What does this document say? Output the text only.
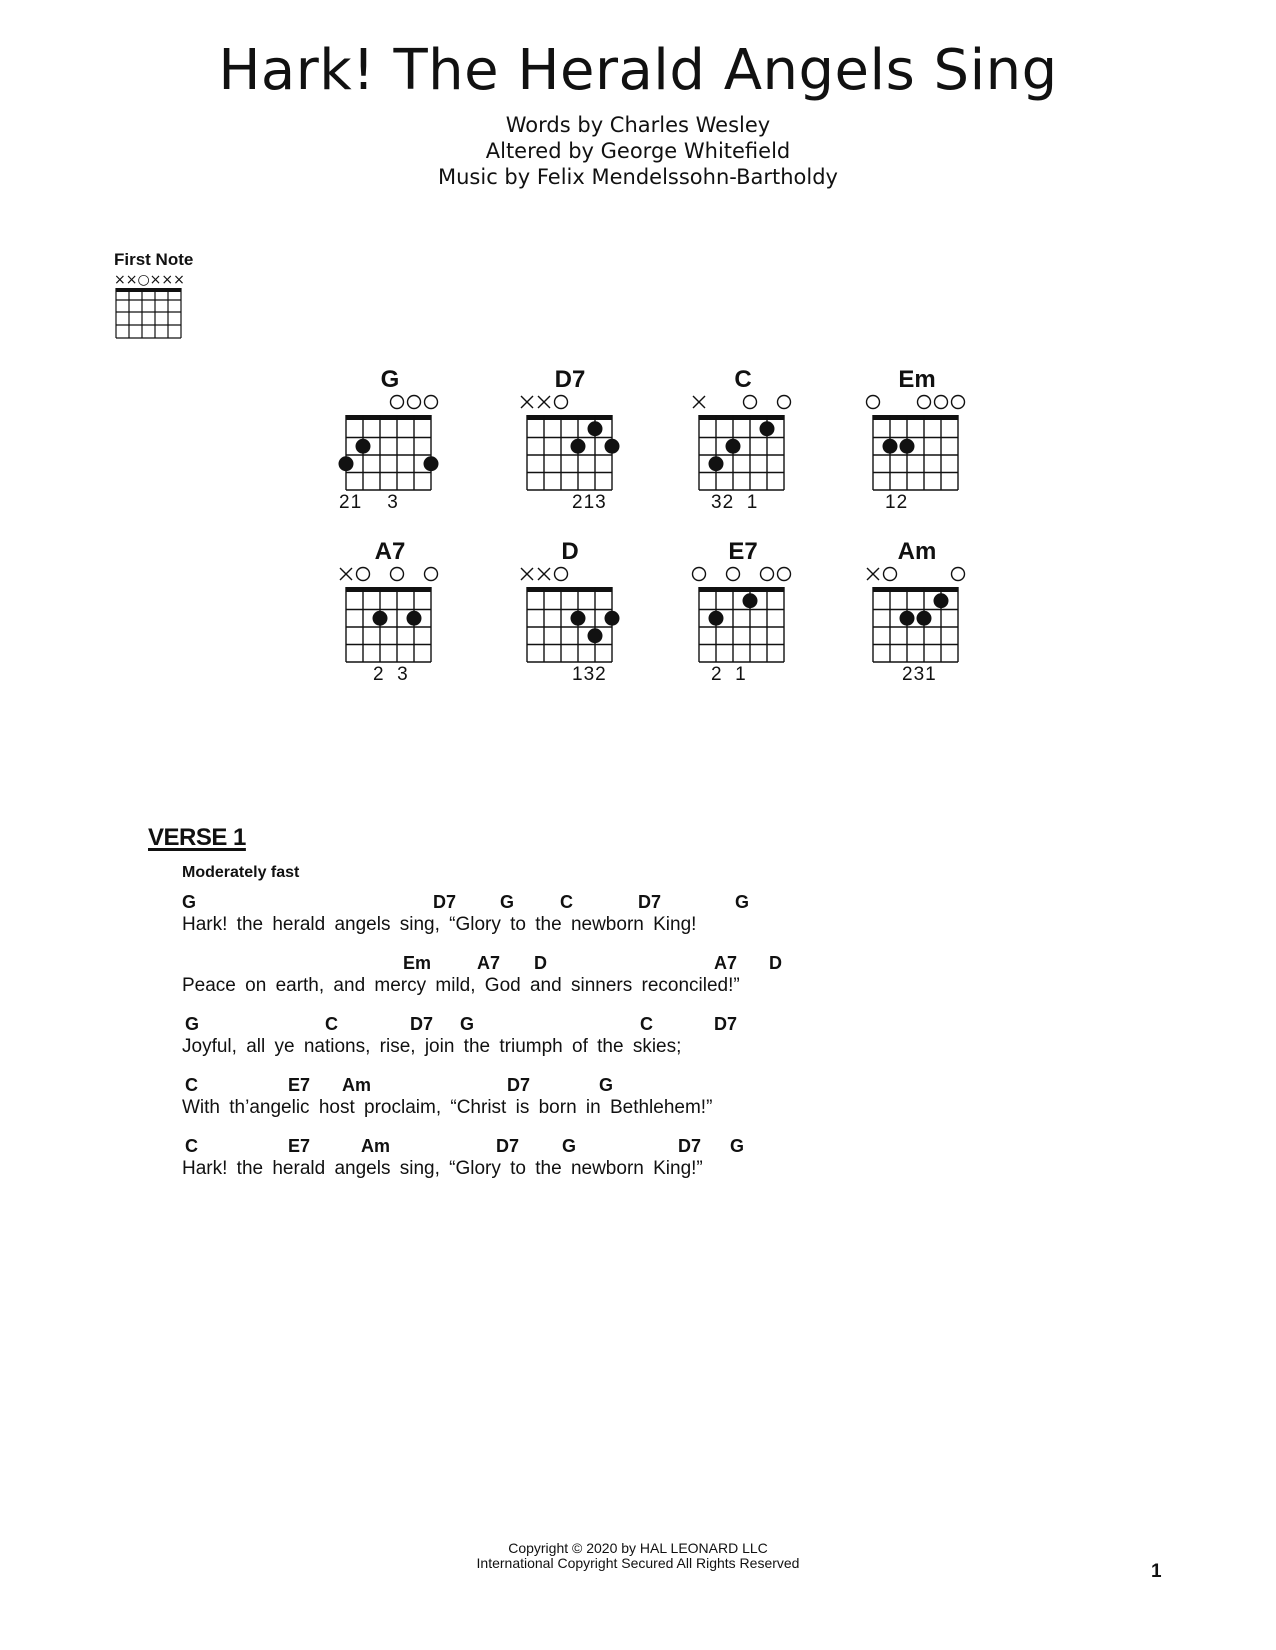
Hark! The Herald Angels Sing
Words by Charles Wesley
Altered by George Whitefield
Music by Felix Mendelssohn-Bartholdy
First Note
××○×××
G	D7	C	Em
A7	D	E7	Am
21    3	213	32  1	12
2  3	132	2  1	231
VERSE 1
Moderately fast
G	D7 G	C	D7	G
Hark! the herald angels sing, “Glory to the newborn King!
Em	A7 D	A7 D
Peace on earth, and mercy mild, God and sinners reconciled!”
G	C	D7 G	C	D7
Joyful, all ye nations, rise, join the triumph of the skies;
C	E7 Am	D7	G
With th’angelic host proclaim, “Christ is born in Bethlehem!”
C	E7	Am	D7 G	D7 G
Hark! the herald angels sing, “Glory to the newborn King!”
Copyright © 2020 by HAL LEONARD LLC
International Copyright Secured All Rights Reserved	1
